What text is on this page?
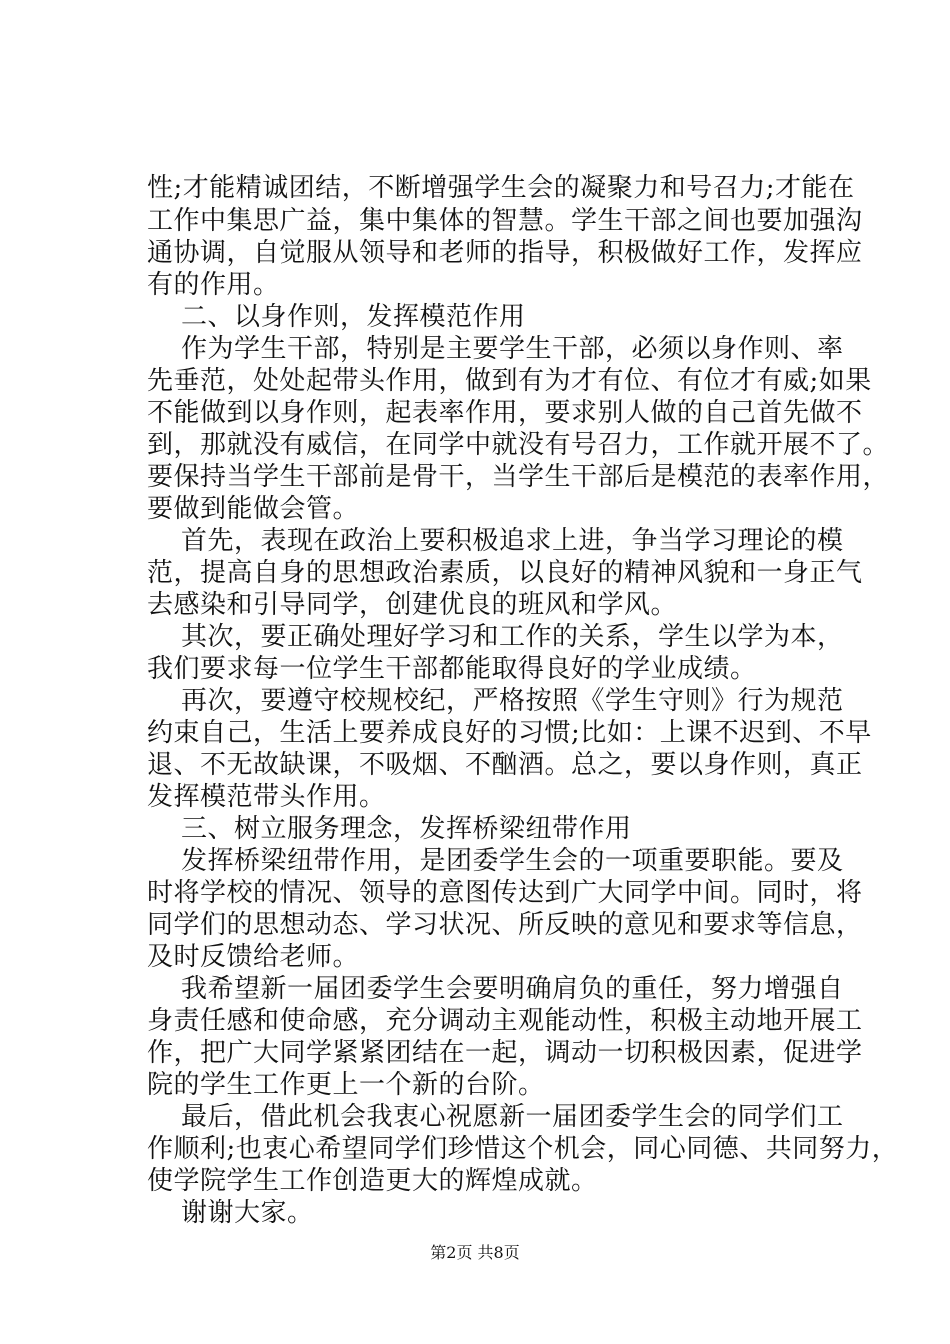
性;才能精诚团结，不断增强学生会的凝聚力和号召力;才能在
工作中集思广益，集中集体的智慧。学生干部之间也要加强沟
通协调，自觉服从领导和老师的指导，积极做好工作，发挥应
有的作用。
二、以身作则，发挥模范作用
作为学生干部，特别是主要学生干部，必须以身作则、率
先垂范，处处起带头作用，做到有为才有位、有位才有威;如果
不能做到以身作则，起表率作用，要求别人做的自己首先做不
到，那就没有威信，在同学中就没有号召力，工作就开展不了。
要保持当学生干部前是骨干，当学生干部后是模范的表率作用，
要做到能做会管。
首先，表现在政治上要积极追求上进，争当学习理论的模
范，提高自身的思想政治素质，以良好的精神风貌和一身正气
去感染和引导同学，创建优良的班风和学风。
其次，要正确处理好学习和工作的关系，学生以学为本，
我们要求每一位学生干部都能取得良好的学业成绩。
再次，要遵守校规校纪，严格按照《学生守则》行为规范
约束自己，生活上要养成良好的习惯;比如：上课不迟到、不早
退、不无故缺课，不吸烟、不酗酒。总之，要以身作则，真正
发挥模范带头作用。
三、树立服务理念，发挥桥梁纽带作用
发挥桥梁纽带作用，是团委学生会的一项重要职能。要及
时将学校的情况、领导的意图传达到广大同学中间。同时，将
同学们的思想动态、学习状况、所反映的意见和要求等信息，
及时反馈给老师。
我希望新一届团委学生会要明确肩负的重任，努力增强自
身责任感和使命感，充分调动主观能动性，积极主动地开展工
作，把广大同学紧紧团结在一起，调动一切积极因素，促进学
院的学生工作更上一个新的台阶。
最后，借此机会我衷心祝愿新一届团委学生会的同学们工
作顺利;也衷心希望同学们珍惜这个机会，同心同德、共同努力，
使学院学生工作创造更大的辉煌成就。
谢谢大家。
第2页 共8页
